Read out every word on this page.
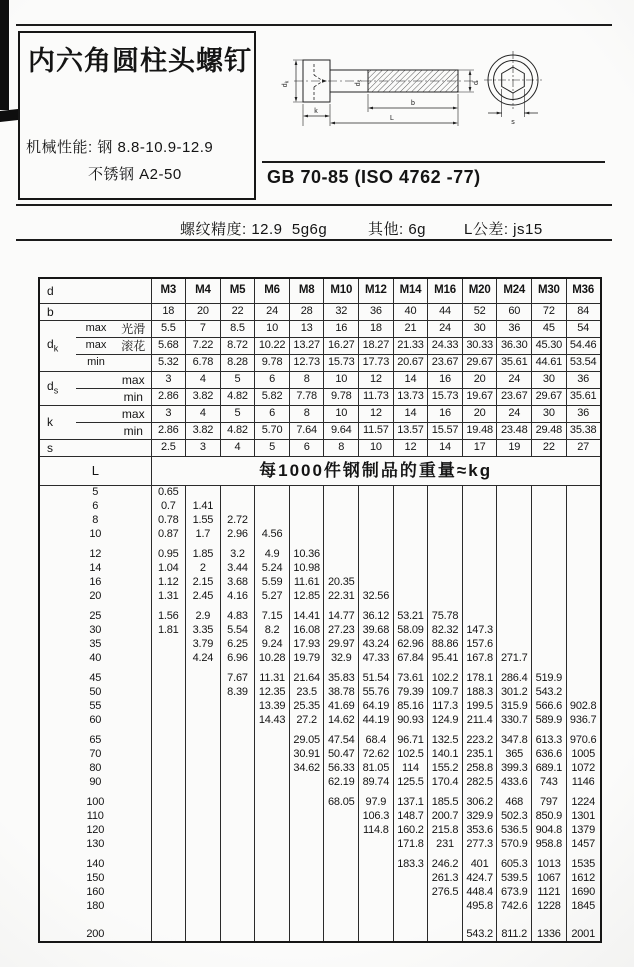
内六角圆柱头螺钉
机械性能: 钢 8.8-10.9-12.9
不锈钢 A2-50	GB 70-85 (ISO 4762 -77)
螺纹精度: 12.9  5g6g	其他: 6g	L公差: js15
$d_k$
$d_s$	d
b
k
L
s
d			M3	M4	M5	M6	M8	M10	M12	M14	M16	M20	M24	M30	M36
b			18	20	22	24	28	32	36	40	44	52	60	72	84
$d_k$	max	光滑	5.5	7	8.5	10	13	16	18	21	24	30	36	45	54
	max	滚花	5.68	7.22	8.72	10.22	13.27	16.27	18.27	21.33	24.33	30.33	36.30	45.30	54.46
	min		5.32	6.78	8.28	9.78	12.73	15.73	17.73	20.67	23.67	29.67	35.61	44.61	53.54
$d_s$		max	3	4	5	6	8	10	12	14	16	20	24	30	36
		min	2.86	3.82	4.82	5.82	7.78	9.78	11.73	13.73	15.73	19.67	23.67	29.67	35.61
k		max	3	4	5	6	8	10	12	14	16	20	24	30	36
		min	2.86	3.82	4.82	5.70	7.64	9.64	11.57	13.57	15.57	19.48	23.48	29.48	35.38
s			2.5	3	4	5	6	8	10	12	14	17	19	22	27
L			每1000件钢制品的重量≈kg												
5			0.65												
6			0.7	1.41											
8			0.78	1.55	2.72										
10			0.87	1.7	2.96	4.56									

12			0.95	1.85	3.2	4.9	10.36								
14			1.04	2	3.44	5.24	10.98								
16			1.12	2.15	3.68	5.59	11.61	20.35							
20			1.31	2.45	4.16	5.27	12.85	22.31	32.56						

25			1.56	2.9	4.83	7.15	14.41	14.77	36.12	53.21	75.78				
30			1.81	3.35	5.54	8.2	16.08	27.23	39.68	58.09	82.32	147.3			
35				3.79	6.25	9.24	17.93	29.97	43.24	62.96	88.86	157.6			
40				4.24	6.96	10.28	19.79	32.9	47.33	67.84	95.41	167.8	271.7		

45					7.67	11.31	21.64	35.83	51.54	73.61	102.2	178.1	286.4	519.9	
50					8.39	12.35	23.5	38.78	55.76	79.39	109.7	188.3	301.2	543.2	
55						13.39	25.35	41.69	64.19	85.16	117.3	199.5	315.9	566.6	902.8
60						14.43	27.2	14.62	44.19	90.93	124.9	211.4	330.7	589.9	936.7

65							29.05	47.54	68.4	96.71	132.5	223.2	347.8	613.3	970.6
70							30.91	50.47	72.62	102.5	140.1	235.1	365	636.6	1005
80							34.62	56.33	81.05	114	155.2	258.8	399.3	689.1	1072
90								62.19	89.74	125.5	170.4	282.5	433.6	743	1146

100								68.05	97.9	137.1	185.5	306.2	468	797	1224
110									106.3	148.7	200.7	329.9	502.3	850.9	1301
120									114.8	160.2	215.8	353.6	536.5	904.8	1379
130										171.8	231	277.3	570.9	958.8	1457

140										183.3	246.2	401	605.3	1013	1535
150											261.3	424.7	539.5	1067	1612
160											276.5	448.4	673.9	1121	1690
180												495.8	742.6	1228	1845

200												543.2	811.2	1336	2001
